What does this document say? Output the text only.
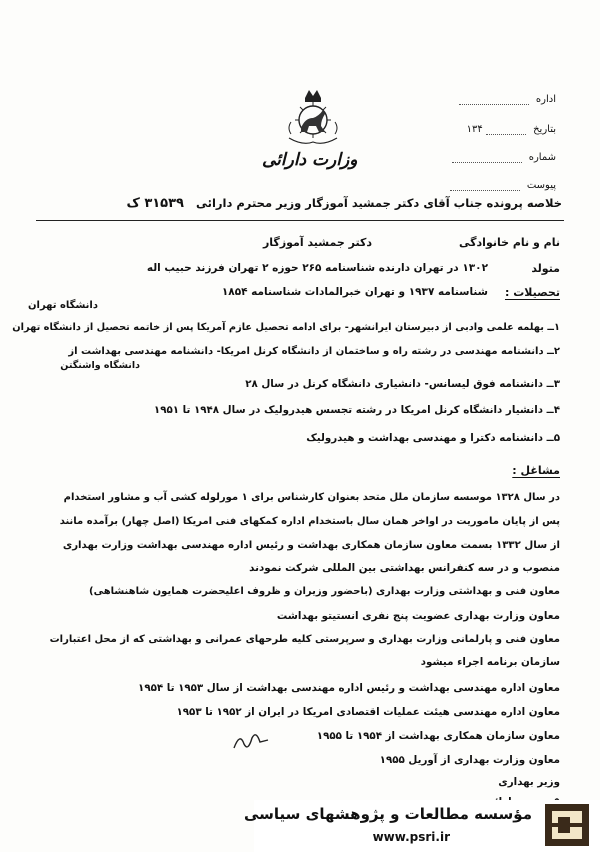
اداره
بتاريخ  ۱۳۴
شماره
پيوست
وزارت دارائى
خلاصه پرونده جناب آقاى دكتر جمشيد آموزگار وزير محترم دارائى ۳۱۵۳۹ ک
نام و نام خانوادگى
دكتر جمشيد آموزگار
متولد
۱۳۰۲ در تهران دارنده شناسنامه ۲۶۵ حوزه ۲ تهران فرزند حبیب اله
شناسنامه ۱۹۳۷ و تهران خبرالمادات شناسنامه ۱۸۵۴ تحصيلات :
دانشگاه تهران
۱ــ بهلمه علمی وادبی از دبیرستان ایرانشهر- برای ادامه تحصیل عازم آمریکا پس از خاتمه تحصیل از دانشگاه تهران
۲ــ دانشنامه مهندسی در رشته راه و ساختمان از دانشگاه کرنل امریکا- دانشنامه مهندسی بهداشت از
دانشگاه واشنگتن
۳ــ دانشنامه فوق لیسانس- دانشیاری دانشگاه کرنل در سال ۲۸
۴ــ دانشیار دانشگاه کرنل امریکا در رشته تجسس هیدرولیک در سال ۱۹۴۸ تا ۱۹۵۱
۵ــ دانشنامه دکترا و مهندسی بهداشت و هیدرولیک
مشاغل :
در سال ۱۳۲۸ موسسه سازمان ملل متحد بعنوان کارشناس برای ۱ مورلوله کشی آب و مشاور استخدام
پس از پایان ماموریت در اواخر همان سال باستخدام اداره کمکهای فنی امریکا (اصل چهار) برآمده مانند
از سال ۱۳۳۲ بسمت معاون سازمان همکاری بهداشت و رئیس اداره مهندسی بهداشت وزارت بهداری
منصوب و در سه کنفرانس بهداشتی بین المللی شرکت نمودند
معاون فنی و بهداشتی وزارت بهداری (باحضور وزیران و ظروف اعلیحضرت همایون شاهنشاهی)
معاون وزارت بهداری عضویت پنج نفری انستیتو بهداشت
معاون فنی و پارلمانی وزارت بهداری و سرپرستی کلیه طرحهای عمرانی و بهداشتی که از محل اعتبارات
سازمان برنامه اجراء میشود
معاون اداره مهندسی بهداشت و رئیس اداره مهندسی بهداشت از سال ۱۹۵۳ تا ۱۹۵۴
معاون اداره مهندسی هیئت عملیات اقتصادی امریکا در ایران از ۱۹۵۲ تا ۱۹۵۳
معاون سازمان همکاری بهداشت از ۱۹۵۴ تا ۱۹۵۵
معاون وزارت بهداری از آوریل ۱۹۵۵
وزیر بهداری
مؤسسه مطالعات و پژوهشهای سیاسی
www.psri.ir
